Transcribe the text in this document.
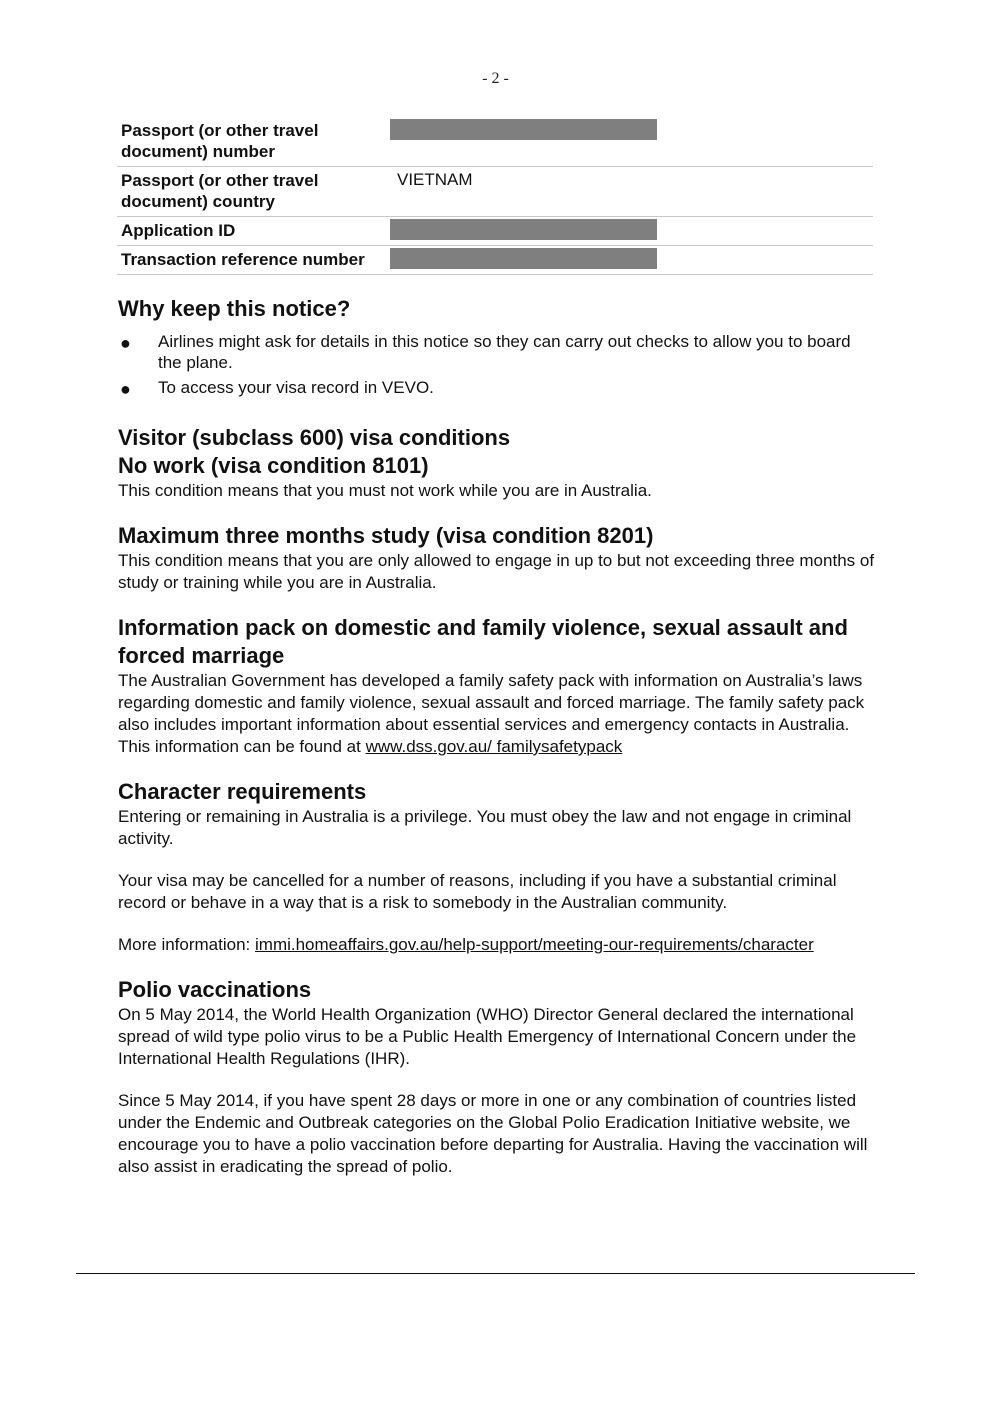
- 2 -
Passport (or other travel document) number
Passport (or other travel document) country
VIETNAM
Application ID
Transaction reference number
Why keep this notice?
● Airlines might ask for details in this notice so they can carry out checks to allow you to board the plane.
● To access your visa record in VEVO.
Visitor (subclass 600) visa conditions
No work (visa condition 8101)

This condition means that you must not work while you are in Australia.

Maximum three months study (visa condition 8201)

This condition means that you are only allowed to engage in up to but not exceeding three months of study or training while you are in Australia.

Information pack on domestic and family violence, sexual assault and forced marriage

The Australian Government has developed a family safety pack with information on Australia’s laws regarding domestic and family violence, sexual assault and forced marriage. The family safety pack also includes important information about essential services and emergency contacts in Australia. This information can be found at www.dss.gov.au/ familysafetypack

Character requirements

Entering or remaining in Australia is a privilege. You must obey the law and not engage in criminal activity.

Your visa may be cancelled for a number of reasons, including if you have a substantial criminal record or behave in a way that is a risk to somebody in the Australian community.

More information: immi.homeaffairs.gov.au/help-support/meeting-our-requirements/character

Polio vaccinations

On 5 May 2014, the World Health Organization (WHO) Director General declared the international spread of wild type polio virus to be a Public Health Emergency of International Concern under the International Health Regulations (IHR).

Since 5 May 2014, if you have spent 28 days or more in one or any combination of countries listed under the Endemic and Outbreak categories on the Global Polio Eradication Initiative website, we encourage you to have a polio vaccination before departing for Australia. Having the vaccination will also assist in eradicating the spread of polio.
